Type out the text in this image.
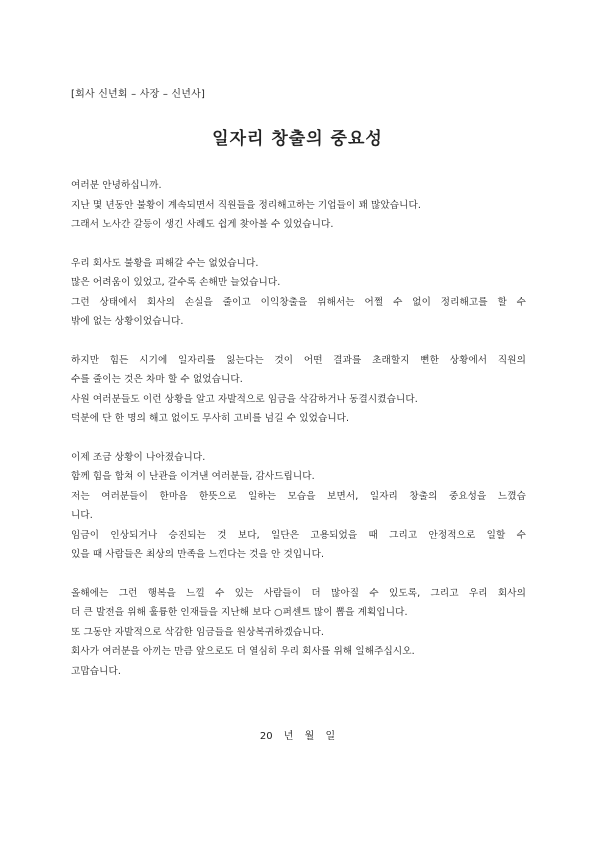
[회사 신년회 – 사장 – 신년사]
일자리 창출의 중요성
여러분 안녕하십니까.
지난 몇 년동안 불황이 계속되면서 직원들을 정리해고하는 기업들이 꽤 많았습니다.
그래서 노사간 갈등이 생긴 사례도 쉽게 찾아볼 수 있었습니다.
우리 회사도 불황을 피해갈 수는 없었습니다.
많은 어려움이 있었고, 갈수록 손해만 늘었습니다.
그런 상태에서 회사의 손실을 줄이고 이익창출을 위해서는 어쩔 수 없이 정리해고를 할 수
밖에 없는 상황이었습니다.
하지만 힘든 시기에 일자리를 잃는다는 것이 어떤 결과를 초래할지 뻔한 상황에서 직원의
수를 줄이는 것은 차마 할 수 없었습니다.
사원 여러분들도 이런 상황을 알고 자발적으로 임금을 삭감하거나 동결시켰습니다.
덕분에 단 한 명의 해고 없이도 무사히 고비를 넘길 수 있었습니다.
이제 조금 상황이 나아졌습니다.
함께 힘을 합쳐 이 난관을 이겨낸 여러분들, 감사드립니다.
저는 여러분들이 한마음 한뜻으로 일하는 모습을 보면서, 일자리 창출의 중요성을 느꼈습
니다.
임금이 인상되거나 승진되는 것 보다, 일단은 고용되었을 때 그리고 안정적으로 일할 수
있을 때 사람들은 최상의 만족을 느낀다는 것을 안 것입니다.
올해에는 그런 행복을 느낄 수 있는 사람들이 더 많아질 수 있도록, 그리고 우리 회사의
더 큰 발전을 위해 훌륭한 인재들을 지난해 보다 ○퍼센트 많이 뽑을 계획입니다.
또 그동안 자발적으로 삭감한 임금들을 원상복귀하겠습니다.
회사가 여러분을 아끼는 만큼 앞으로도 더 열심히 우리 회사를 위해 일해주십시오.
고맙습니다.
20 년 월 일
